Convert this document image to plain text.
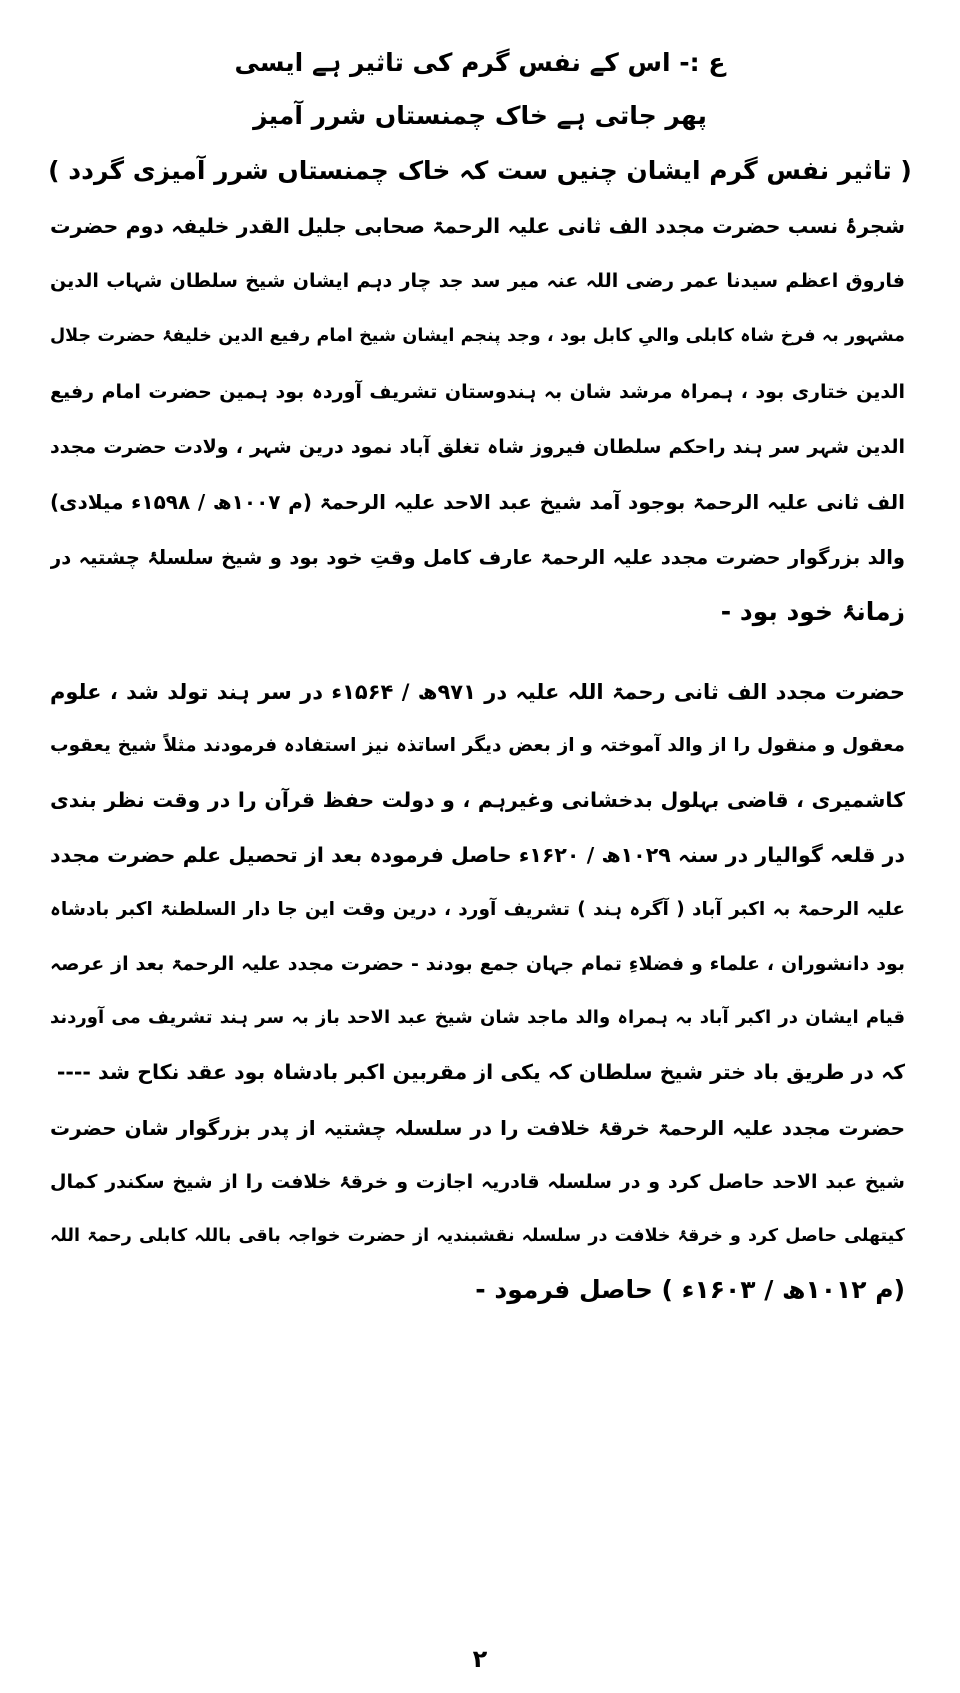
ع :- اس کے نفس گرم کی تاثیر ہے ایسی
پھر جاتی ہے خاک چمنستاں شرر آمیز
( تاثیر نفس گرم ایشان چنیں ست کہ خاک چمنستاں شرر آمیزی گردد )
شجرۂ نسب حضرت مجدد الف ثانی علیہ الرحمۃ صحابی جلیل القدر خلیفہ دوم حضرت
فاروق اعظم سیدنا عمر رضی اللہ عنہ میر سد جد چار دہم ایشان شیخ سلطان شہاب الدین
مشہور بہ فرخ شاہ کابلی والیِ کابل بود ، وجد پنجم ایشان شیخ امام رفیع الدین خلیفۂ حضرت جلال
الدین ختاری بود ، ہمراہ مرشد شان بہ ہندوستان تشریف آوردہ بود ہمین حضرت امام رفیع
الدین شہر سر ہند راحکم سلطان فیروز شاہ تغلق آباد نمود درین شہر ، ولادت حضرت مجدد
الف ثانی علیہ الرحمۃ بوجود آمد شیخ عبد الاحد علیہ الرحمۃ (م ۱۰۰۷ھ / ۱۵۹۸ء میلادی)
والد بزرگوار حضرت مجدد علیہ الرحمۃ عارف کامل وقتِ خود بود و شیخ سلسلۂ چشتیہ در
زمانۂ خود بود -
حضرت مجدد الف ثانی رحمۃ اللہ علیہ در ۹۷۱ھ / ۱۵۶۴ء در سر ہند تولد شد ، علوم
معقول و منقول را از والد آموختہ و از بعض دیگر اساتذہ نیز استفادہ فرمودند مثلاً شیخ یعقوب
کاشمیری ، قاضی بہلول بدخشانی وغیرہم ، و دولت حفظ قرآن را در وقت نظر بندی
در قلعہ گوالیار در سنہ ۱۰۲۹ھ / ۱۶۲۰ء حاصل فرمودہ بعد از تحصیل علم حضرت مجدد
علیہ الرحمۃ بہ اکبر آباد ( آگرہ ہند ) تشریف آورد ، درین وقت این جا دار السلطنۃ اکبر بادشاہ
بود دانشوران ، علماء و فضلاءِ تمام جہان جمع بودند - حضرت مجدد علیہ الرحمۃ بعد از عرصہ
قیام ایشان در اکبر آباد بہ ہمراہ والد ماجد شان شیخ عبد الاحد باز بہ سر ہند تشریف می آوردند
کہ در طریق باد ختر شیخ سلطان کہ یکی از مقربین اکبر بادشاہ بود عقد نکاح شد ----
حضرت مجدد علیہ الرحمۃ خرقۂ خلافت را در سلسلہ چشتیہ از پدر بزرگوار شان حضرت
شیخ عبد الاحد حاصل کرد و در سلسلہ قادریہ اجازت و خرقۂ خلافت را از شیخ سکندر کمال
کیتھلی حاصل کرد و خرقۂ خلافت در سلسلہ نقشبندیہ از حضرت خواجہ باقی باللہ کابلی رحمۃ اللہ
(م ۱۰۱۲ھ / ۱۶۰۳ء ) حاصل فرمود -
۲
